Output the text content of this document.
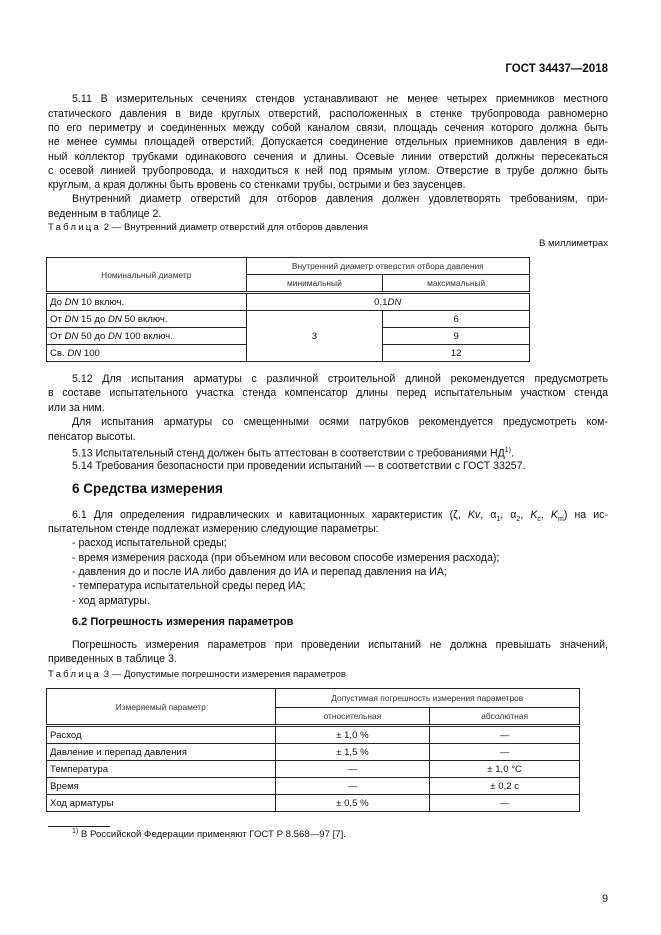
ГОСТ 34437—2018
5.11 В измерительных сечениях стендов устанавливают не менее четырех приемников местного
статического давления в виде круглых отверстий, расположенных в стенке трубопровода равномерно
по его периметру и соединенных между собой каналом связи, площадь сечения которого должна быть
не менее суммы площадей отверстий. Допускается соединение отдельных приемников давления в еди-
ный коллектор трубками одинакового сечения и длины. Осевые линии отверстий должны пересекаться
с осевой линией трубопровода, и находиться к ней под прямым углом. Отверстие в трубе должно быть
круглым, а края должны быть вровень со стенками трубы, острыми и без заусенцев.
Внутренний диаметр отверстий для отборов давления должен удовлетворять требованиям, при-
веденным в таблице 2.
Таблица 2 — Внутренний диаметр отверстий для отборов давления
В миллиметрах
Номинальный диаметр	Внутренний диаметр отверстия отбора давления	
	минимальный	максимальный
До DN 10 включ.	0,1DN	
От DN 15 до DN 50 включ.	3	6
От DN 50 до DN 100 включ.		9
Св. DN 100		12
5.12 Для испытания арматуры с различной строительной длиной рекомендуется предусмотреть
в составе испытательного участка стенда компенсатор длины перед испытательным участком стенда
или за ним.
Для испытания арматуры со смещенными осями патрубков рекомендуется предусмотреть ком-
пенсатор высоты.
5.13 Испытательный стенд должен быть аттестован в соответствии с требованиями НД$^{1)}$.
5.14 Требования безопасности при проведении испытаний — в соответствии с ГОСТ 33257.
6 Средства измерения
6.1 Для определения гидравлических и кавитационных характеристик (ζ, Kv, $\alpha_1$, $\alpha_2$, $K_c$, $K_m$) на ис-
пытательном стенде подлежат измерению следующие параметры:
- расход испытательной среды;
- время измерения расхода (при объемном или весовом способе измерения расхода);
- давления до и после ИА либо давления до ИА и перепад давления на ИА;
- температура испытательной среды перед ИА;
- ход арматуры.
6.2 Погрешность измерения параметров
Погрешность измерения параметров при проведении испытаний не должна превышать значений,
приведенных в таблице 3.
Таблица 3 — Допустимые погрешности измерения параметров
Измеряемый параметр	Допустимая погрешность измерения параметров	
	относительная	абсолютная
Расход	± 1,0 %	—
Давление и перепад давления	± 1,5 %	—
Температура	—	± 1,0 °С
Время	—	± 0,2 с
Ход арматуры	± 0,5 %	—
$^{1)}$ В Российской Федерации применяют ГОСТ Р 8.568—97 [7].
9
